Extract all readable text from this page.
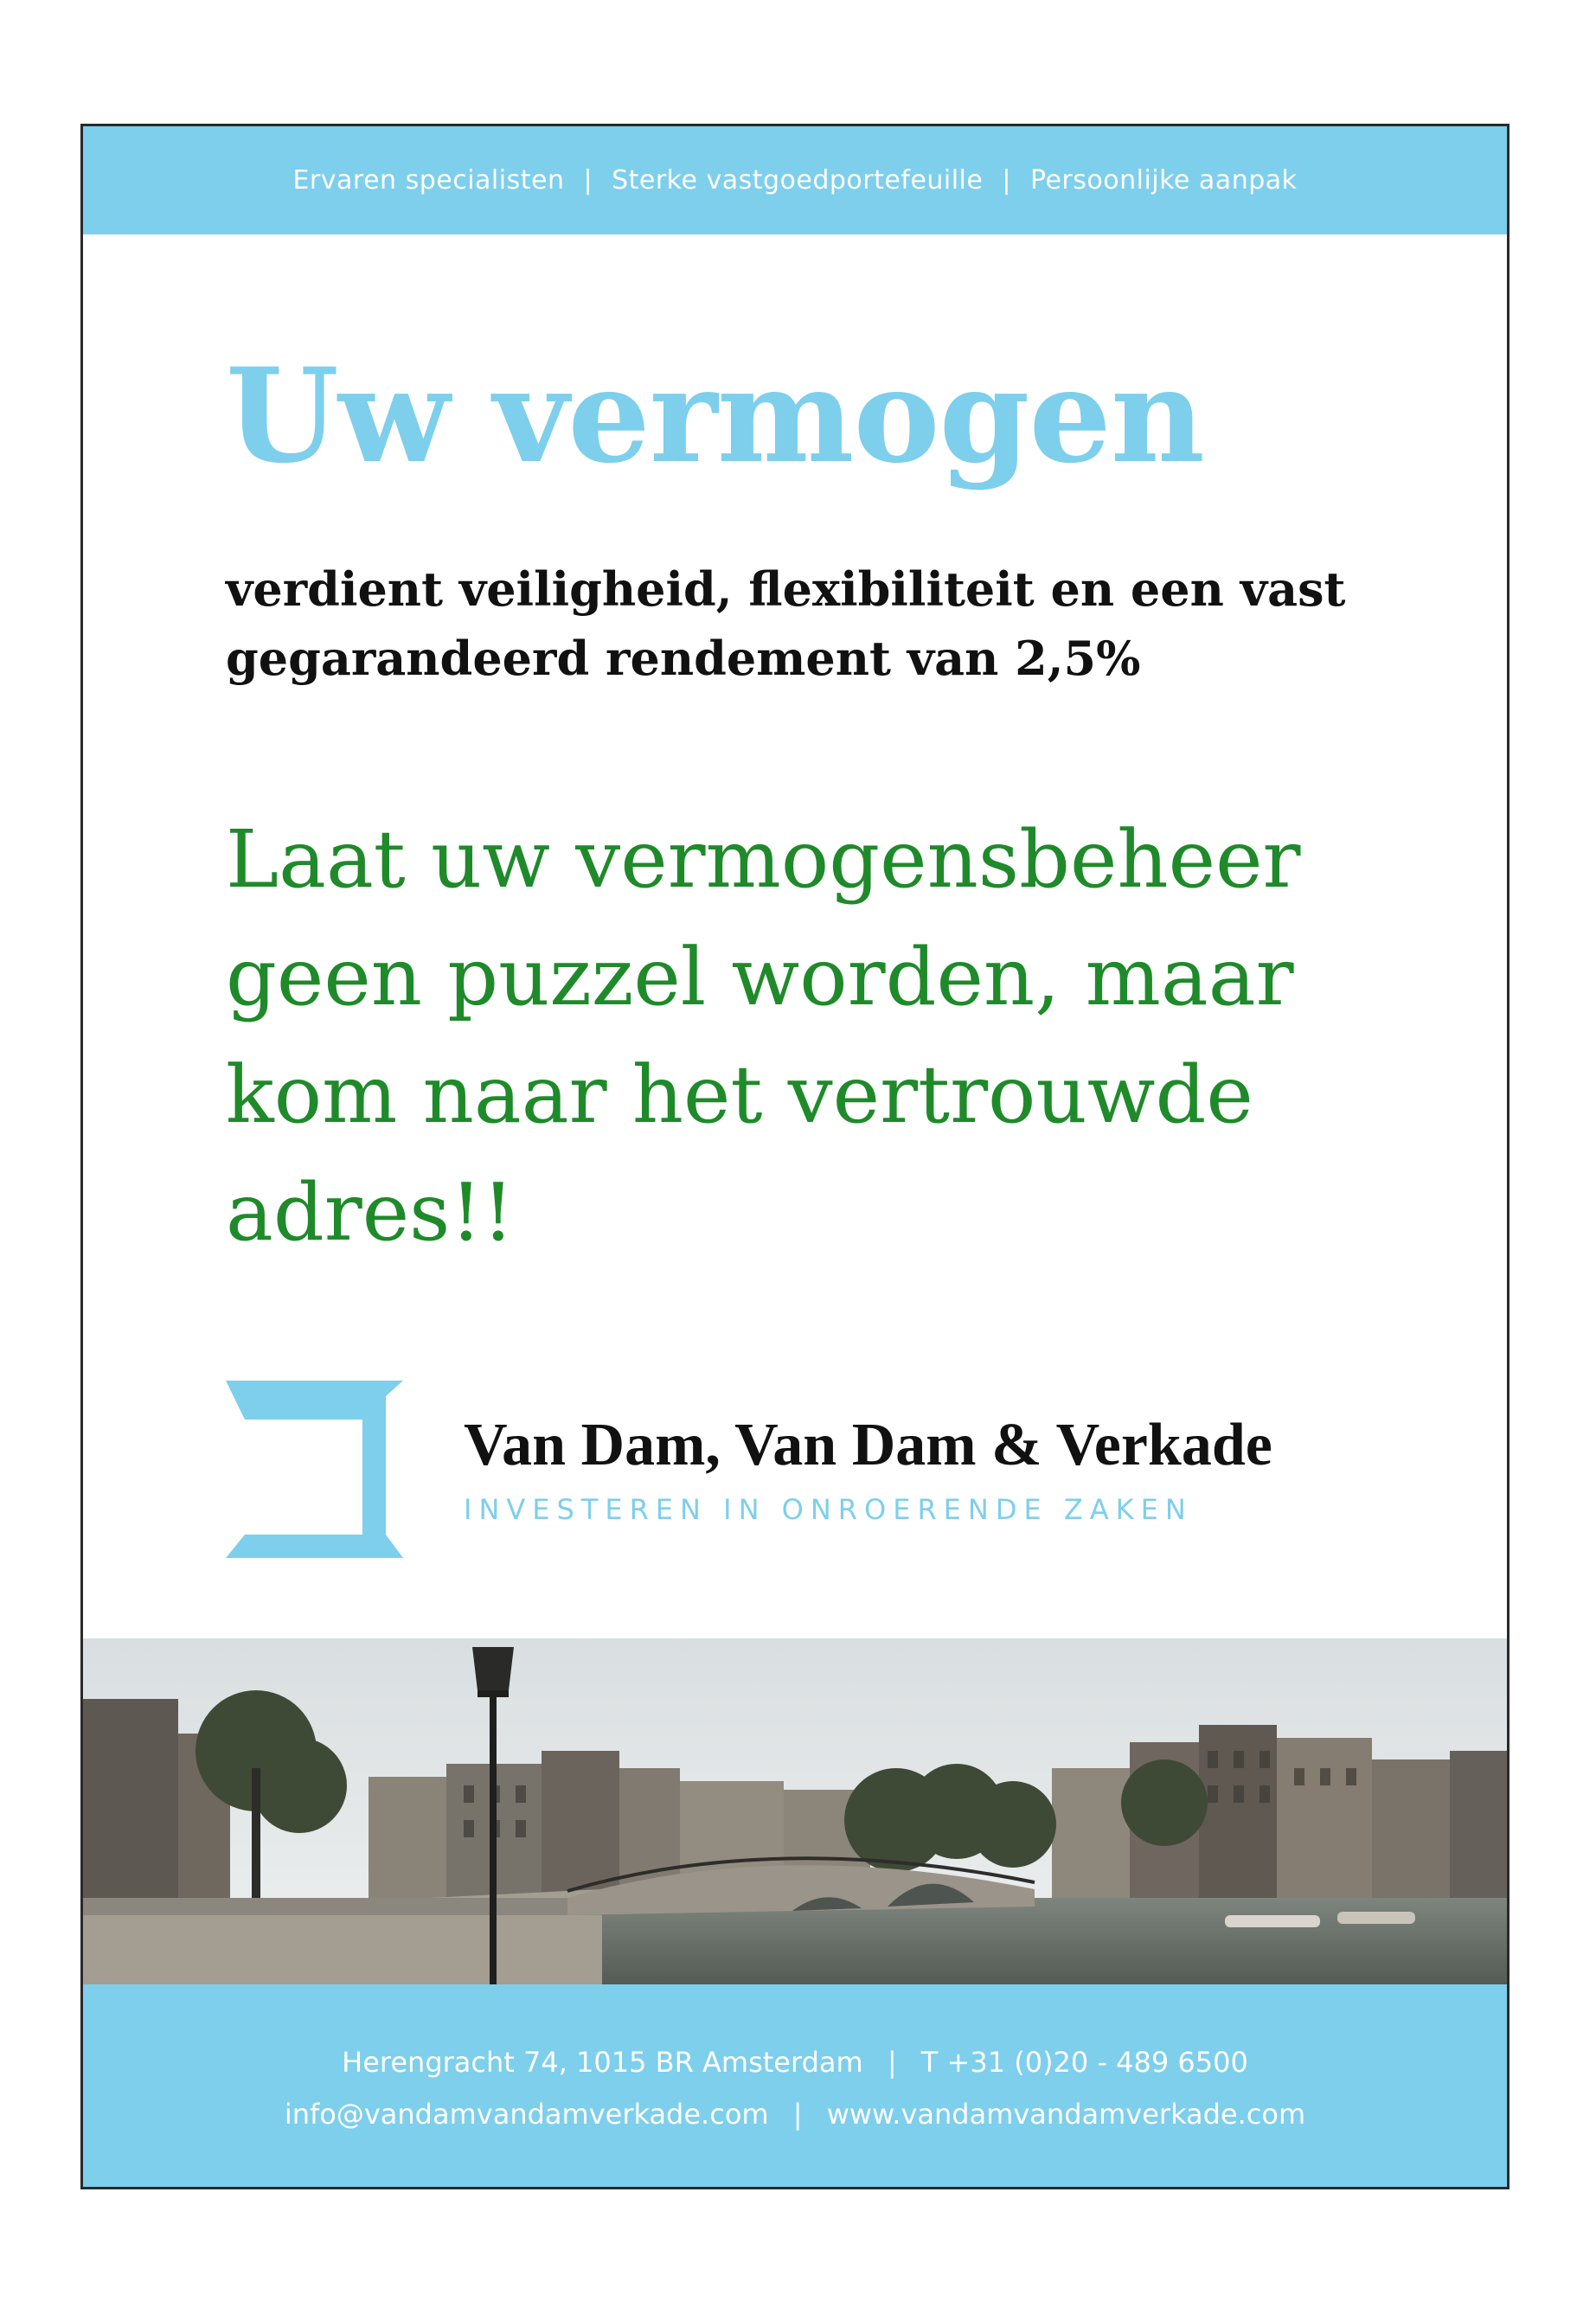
Ervaren specialisten | Sterke vastgoedportefeuille | Persoonlijke aanpak
Uw vermogen

verdient veiligheid, flexibiliteit en een vast
gegarandeerd rendement van 2,5%

Laat uw vermogensbeheer
geen puzzel worden, maar
kom naar het vertrouwde
adres!!

Van Dam, Van Dam & Verkade

INVESTEREN IN ONROERENDE ZAKEN

Herengracht 74, 1015 BR Amsterdam | T +31 (0)20 - 489 6500
info@vandamvandamverkade.com | www.vandamvandamverkade.com
